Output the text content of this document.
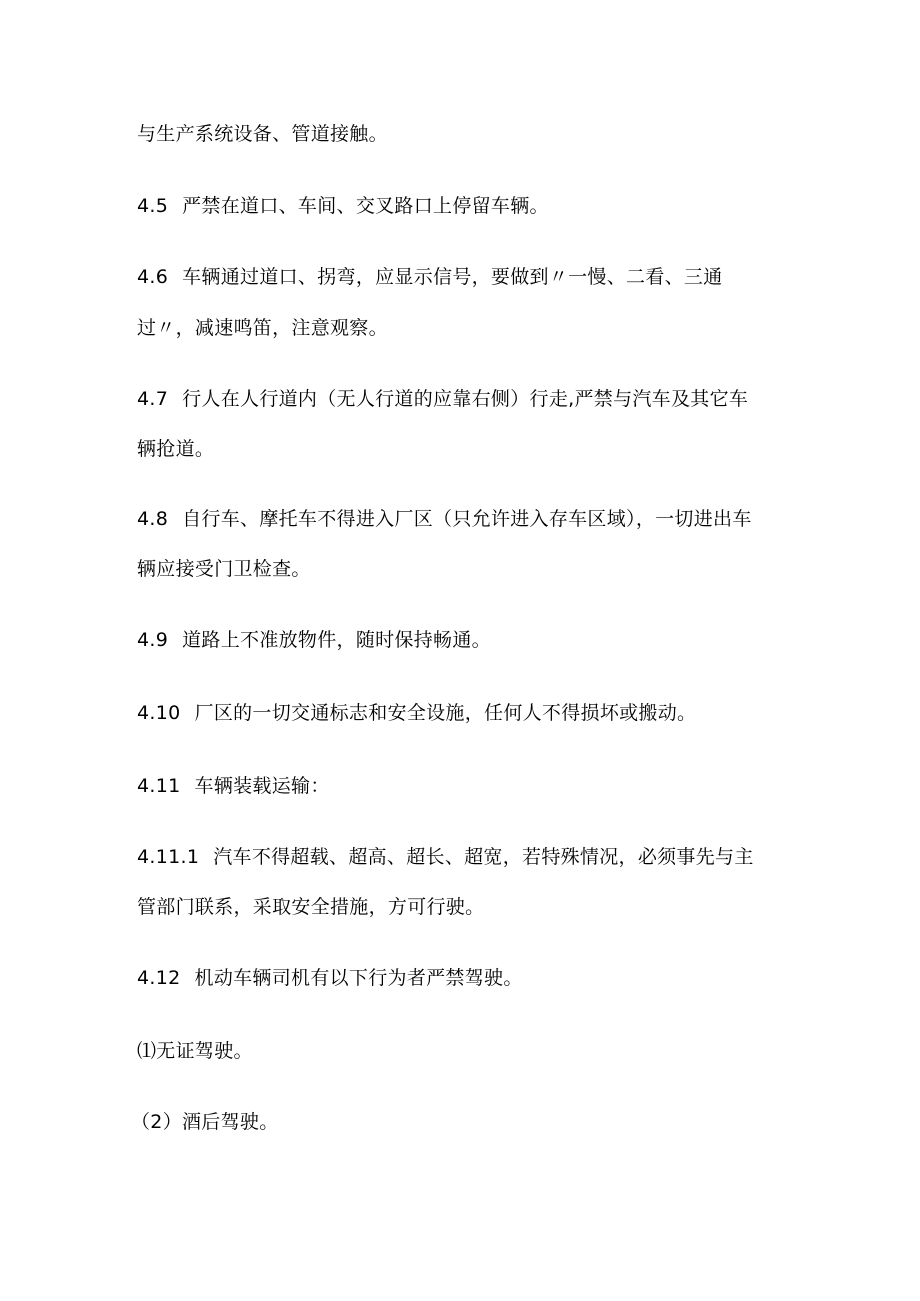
与生产系统设备、管道接触。
4.5 严禁在道口、车间、交叉路口上停留车辆。
4.6 车辆通过道口、拐弯，应显示信号，要做到〃一慢、二看、三通
过〃，减速鸣笛，注意观察。
4.7 行人在人行道内（无人行道的应靠右侧）行走,严禁与汽车及其它车
辆抢道。
4.8 自行车、摩托车不得进入厂区（只允许进入存车区域），一切进出车
辆应接受门卫检查。
4.9 道路上不准放物件，随时保持畅通。
4.10 厂区的一切交通标志和安全设施，任何人不得损坏或搬动。
4.11 车辆装载运输：
4.11.1 汽车不得超载、超高、超长、超宽，若特殊情况，必须事先与主
管部门联系，采取安全措施，方可行驶。
4.12 机动车辆司机有以下行为者严禁驾驶。
⑴无证驾驶。
（2）酒后驾驶。
